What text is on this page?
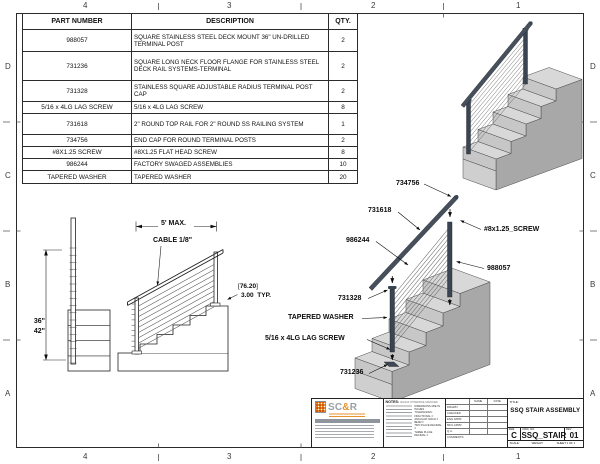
4	3	2	1
4	3	2	1
D
C
B
A
D
C
B
A
PART NUMBER	DESCRIPTION	QTY.
988057	SQUARE STAINLESS STEEL DECK MOUNT 36" UN-DRILLED TERMINAL POST	2
731236	SQUARE LONG NECK FLOOR FLANGE FOR STAINLESS STEEL DECK RAIL SYSTEMS-TERMINAL	2
731328	STAINLESS SQUARE ADJUSTABLE RADIUS TERMINAL POST CAP	2
5/16 x 4LG LAG SCREW	5/16 x 4LG LAG SCREW	8
731618	2" ROUND TOP RAIL FOR 2" ROUND SS RAILING SYSTEM	1
734756	END CAP FOR ROUND TERMINAL POSTS	2
#8X1.25 SCREW	#8X1.25 FLAT HEAD SCREW	8
986244	FACTORY SWAGED ASSEMBLIES	10
TAPERED WASHER	TAPERED WASHER	20
36"
42"
5' MAX.
CABLE 1/8"
[ 76.20 ]
3.00 TYP.
734756
731618
986244
#8x1.25_SCREW
988057
731328
TAPERED WASHER
5/16 x 4LG LAG SCREW
731236
SC&R	NOTES: UNLESS OTHERWISE SPECIFIED
DIMENSIONS ARE IN INCHES
TOLERANCES:
FRACTIONAL ±
ANGULAR: MACH ± BEND ±
TWO PLACE DECIMAL ±
THREE PLACE DECIMAL ±
NAME	DATE
DRAWN
CHECKED
ENG APPR.
MFG APPR.
Q.A.
COMMENTS:
TITLE:
SSQ STAIR ASSEMBLY
SIZE
C
DWG. NO.
SSQ_STAIR
REV
01
SCALE:	WEIGHT:	SHEET 1 OF 1
